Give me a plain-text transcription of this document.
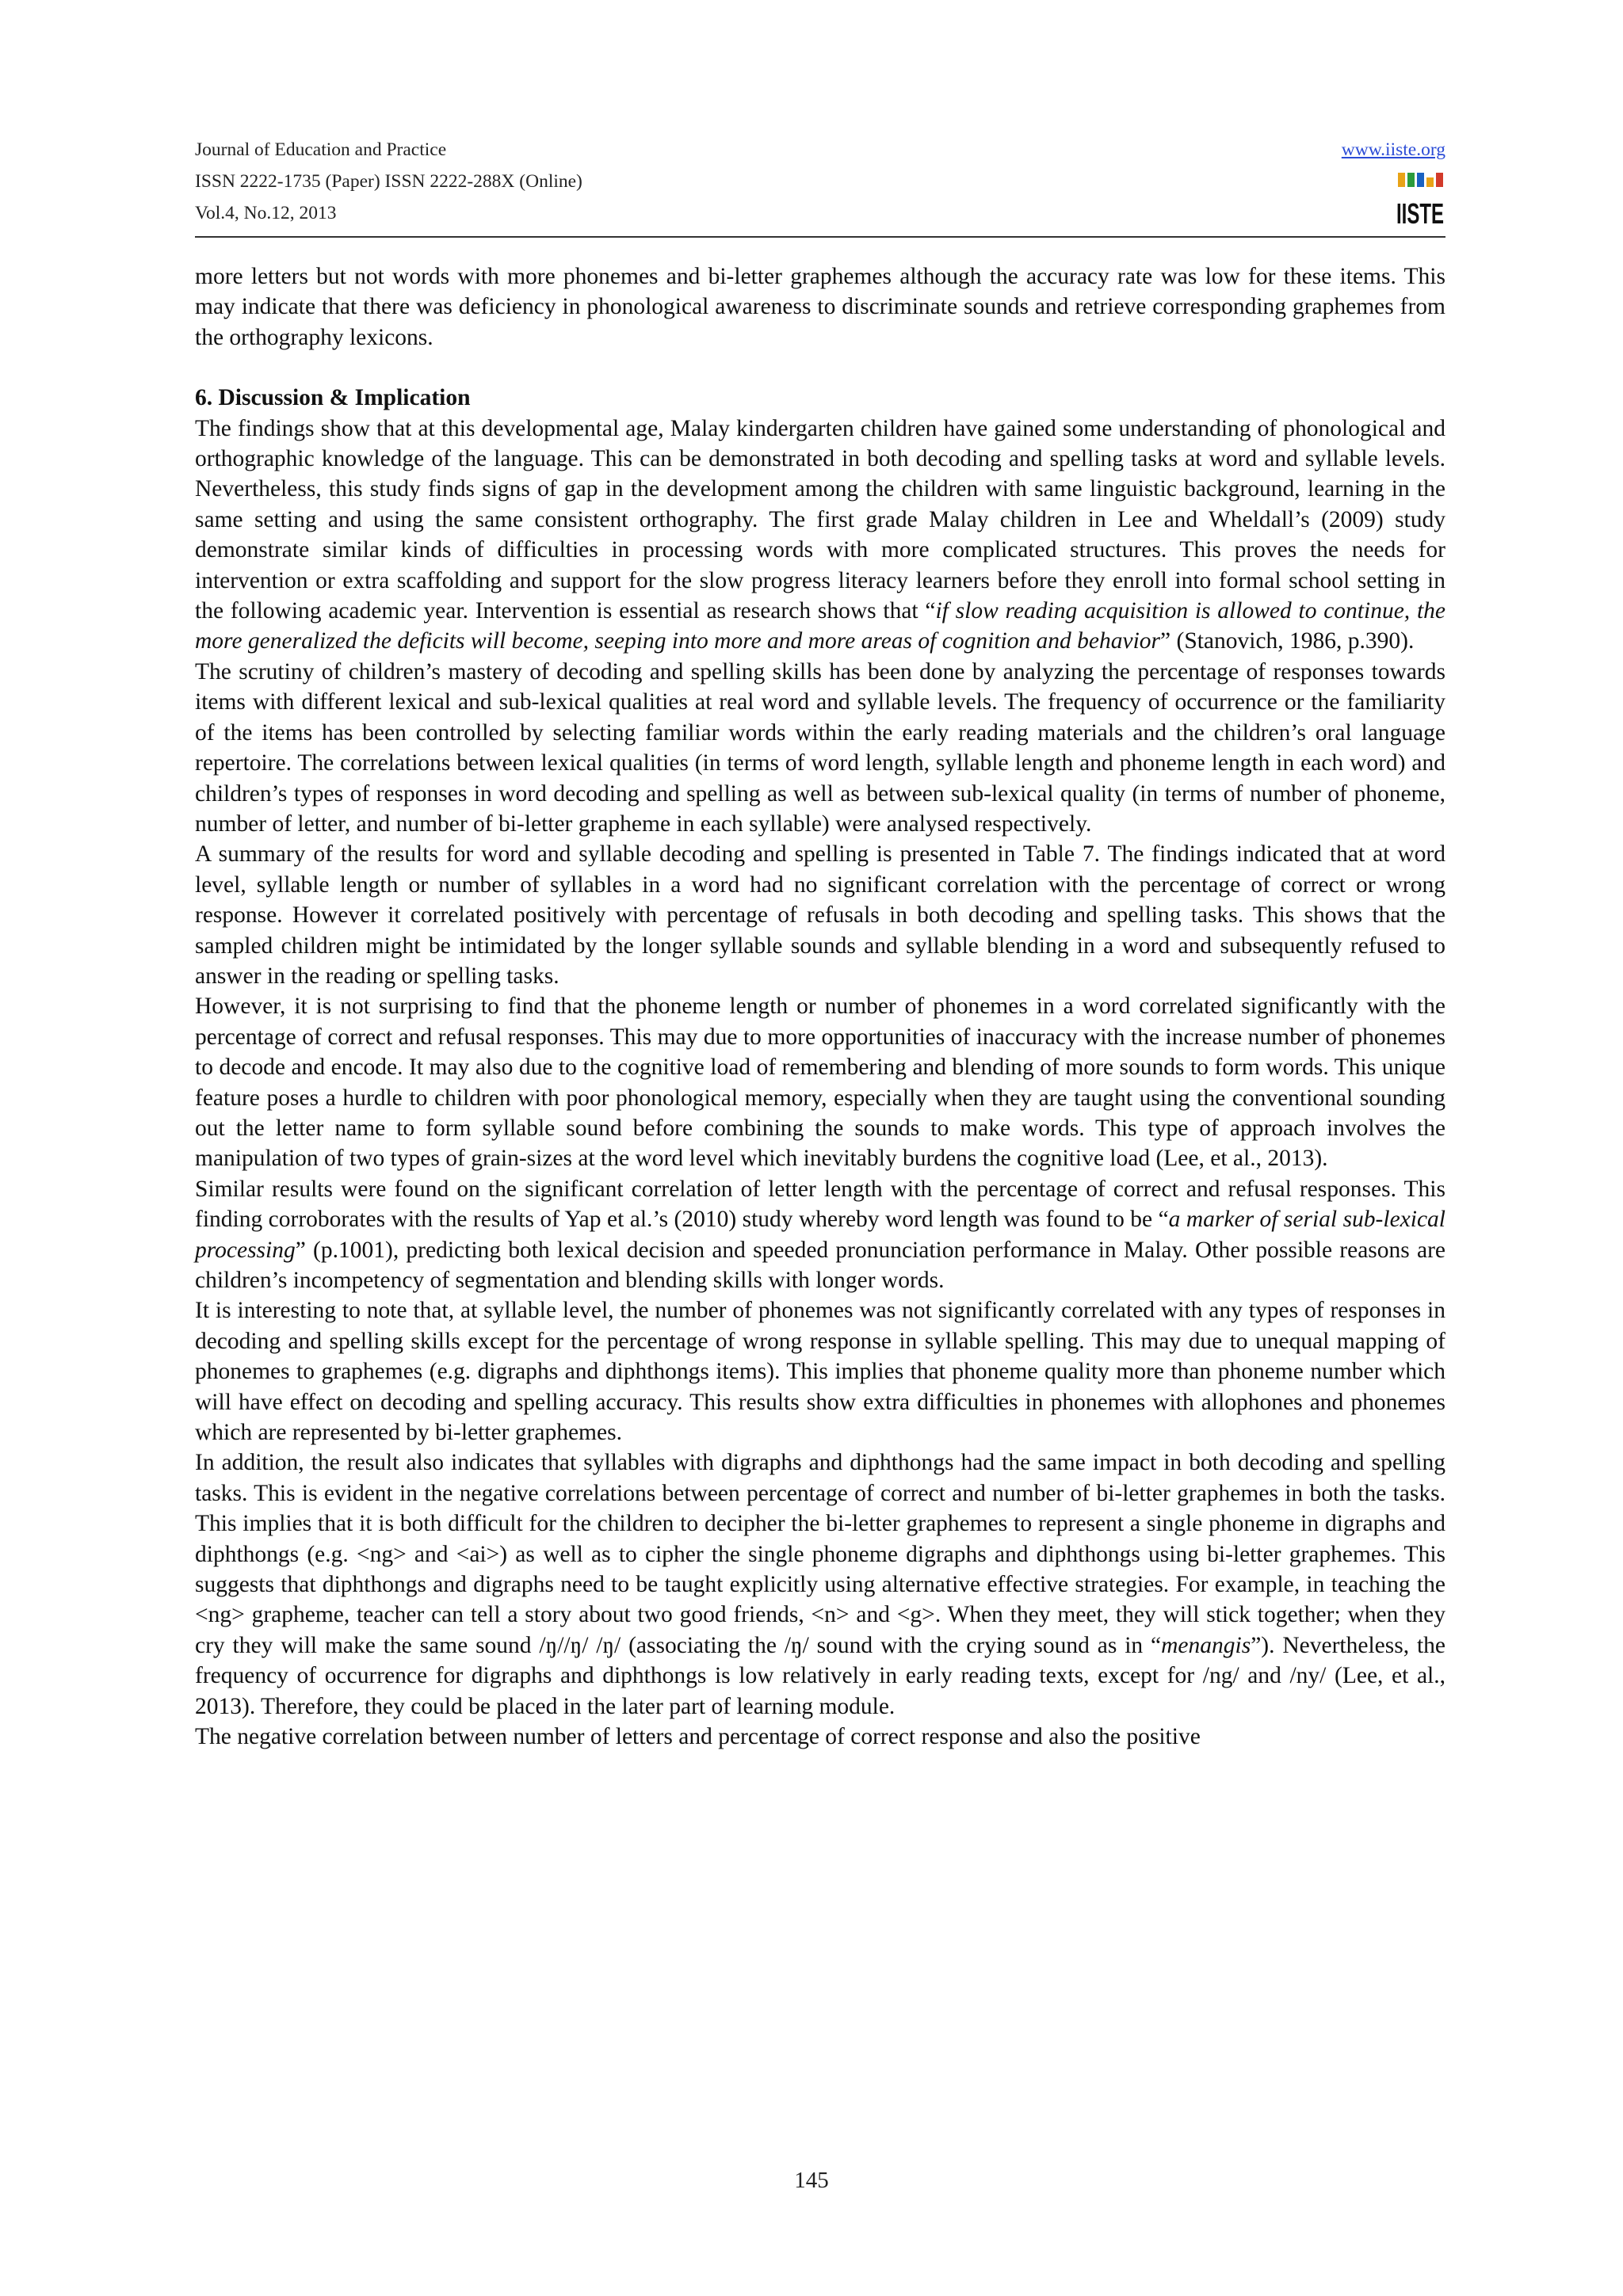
Journal of Education and Practice
ISSN 2222-1735 (Paper) ISSN 2222-288X (Online)
Vol.4, No.12, 2013
www.iiste.org
IISTE

more letters but not words with more phonemes and bi-letter graphemes although the accuracy rate was low for these items. This may indicate that there was deficiency in phonological awareness to discriminate sounds and retrieve corresponding graphemes from the orthography lexicons.

6. Discussion & Implication

The findings show that at this developmental age, Malay kindergarten children have gained some understanding of phonological and orthographic knowledge of the language. This can be demonstrated in both decoding and spelling tasks at word and syllable levels. Nevertheless, this study finds signs of gap in the development among the children with same linguistic background, learning in the same setting and using the same consistent orthography. The first grade Malay children in Lee and Wheldall’s (2009) study demonstrate similar kinds of difficulties in processing words with more complicated structures. This proves the needs for intervention or extra scaffolding and support for the slow progress literacy learners before they enroll into formal school setting in the following academic year. Intervention is essential as research shows that “if slow reading acquisition is allowed to continue, the more generalized the deficits will become, seeping into more and more areas of cognition and behavior” (Stanovich, 1986, p.390).

The scrutiny of children’s mastery of decoding and spelling skills has been done by analyzing the percentage of responses towards items with different lexical and sub-lexical qualities at real word and syllable levels. The frequency of occurrence or the familiarity of the items has been controlled by selecting familiar words within the early reading materials and the children’s oral language repertoire. The correlations between lexical qualities (in terms of word length, syllable length and phoneme length in each word) and children’s types of responses in word decoding and spelling as well as between sub-lexical quality (in terms of number of phoneme, number of letter, and number of bi-letter grapheme in each syllable) were analysed respectively.

A summary of the results for word and syllable decoding and spelling is presented in Table 7. The findings indicated that at word level, syllable length or number of syllables in a word had no significant correlation with the percentage of correct or wrong response. However it correlated positively with percentage of refusals in both decoding and spelling tasks. This shows that the sampled children might be intimidated by the longer syllable sounds and syllable blending in a word and subsequently refused to answer in the reading or spelling tasks.

However, it is not surprising to find that the phoneme length or number of phonemes in a word correlated significantly with the percentage of correct and refusal responses. This may due to more opportunities of inaccuracy with the increase number of phonemes to decode and encode. It may also due to the cognitive load of remembering and blending of more sounds to form words. This unique feature poses a hurdle to children with poor phonological memory, especially when they are taught using the conventional sounding out the letter name to form syllable sound before combining the sounds to make words. This type of approach involves the manipulation of two types of grain-sizes at the word level which inevitably burdens the cognitive load (Lee, et al., 2013).

Similar results were found on the significant correlation of letter length with the percentage of correct and refusal responses. This finding corroborates with the results of Yap et al.’s (2010) study whereby word length was found to be “a marker of serial sub-lexical processing” (p.1001), predicting both lexical decision and speeded pronunciation performance in Malay. Other possible reasons are children’s incompetency of segmentation and blending skills with longer words.

It is interesting to note that, at syllable level, the number of phonemes was not significantly correlated with any types of responses in decoding and spelling skills except for the percentage of wrong response in syllable spelling. This may due to unequal mapping of phonemes to graphemes (e.g. digraphs and diphthongs items). This implies that phoneme quality more than phoneme number which will have effect on decoding and spelling accuracy. This results show extra difficulties in phonemes with allophones and phonemes which are represented by bi-letter graphemes.

In addition, the result also indicates that syllables with digraphs and diphthongs had the same impact in both decoding and spelling tasks. This is evident in the negative correlations between percentage of correct and number of bi-letter graphemes in both the tasks. This implies that it is both difficult for the children to decipher the bi-letter graphemes to represent a single phoneme in digraphs and diphthongs (e.g. <ng> and <ai>) as well as to cipher the single phoneme digraphs and diphthongs using bi-letter graphemes. This suggests that diphthongs and digraphs need to be taught explicitly using alternative effective strategies. For example, in teaching the <ng> grapheme, teacher can tell a story about two good friends, <n> and <g>. When they meet, they will stick together; when they cry they will make the same sound /ŋ//ŋ/ /ŋ/ (associating the /ŋ/ sound with the crying sound as in “menangis”). Nevertheless, the frequency of occurrence for digraphs and diphthongs is low relatively in early reading texts, except for /ng/ and /ny/ (Lee, et al., 2013). Therefore, they could be placed in the later part of learning module.

The negative correlation between number of letters and percentage of correct response and also the positive

145
